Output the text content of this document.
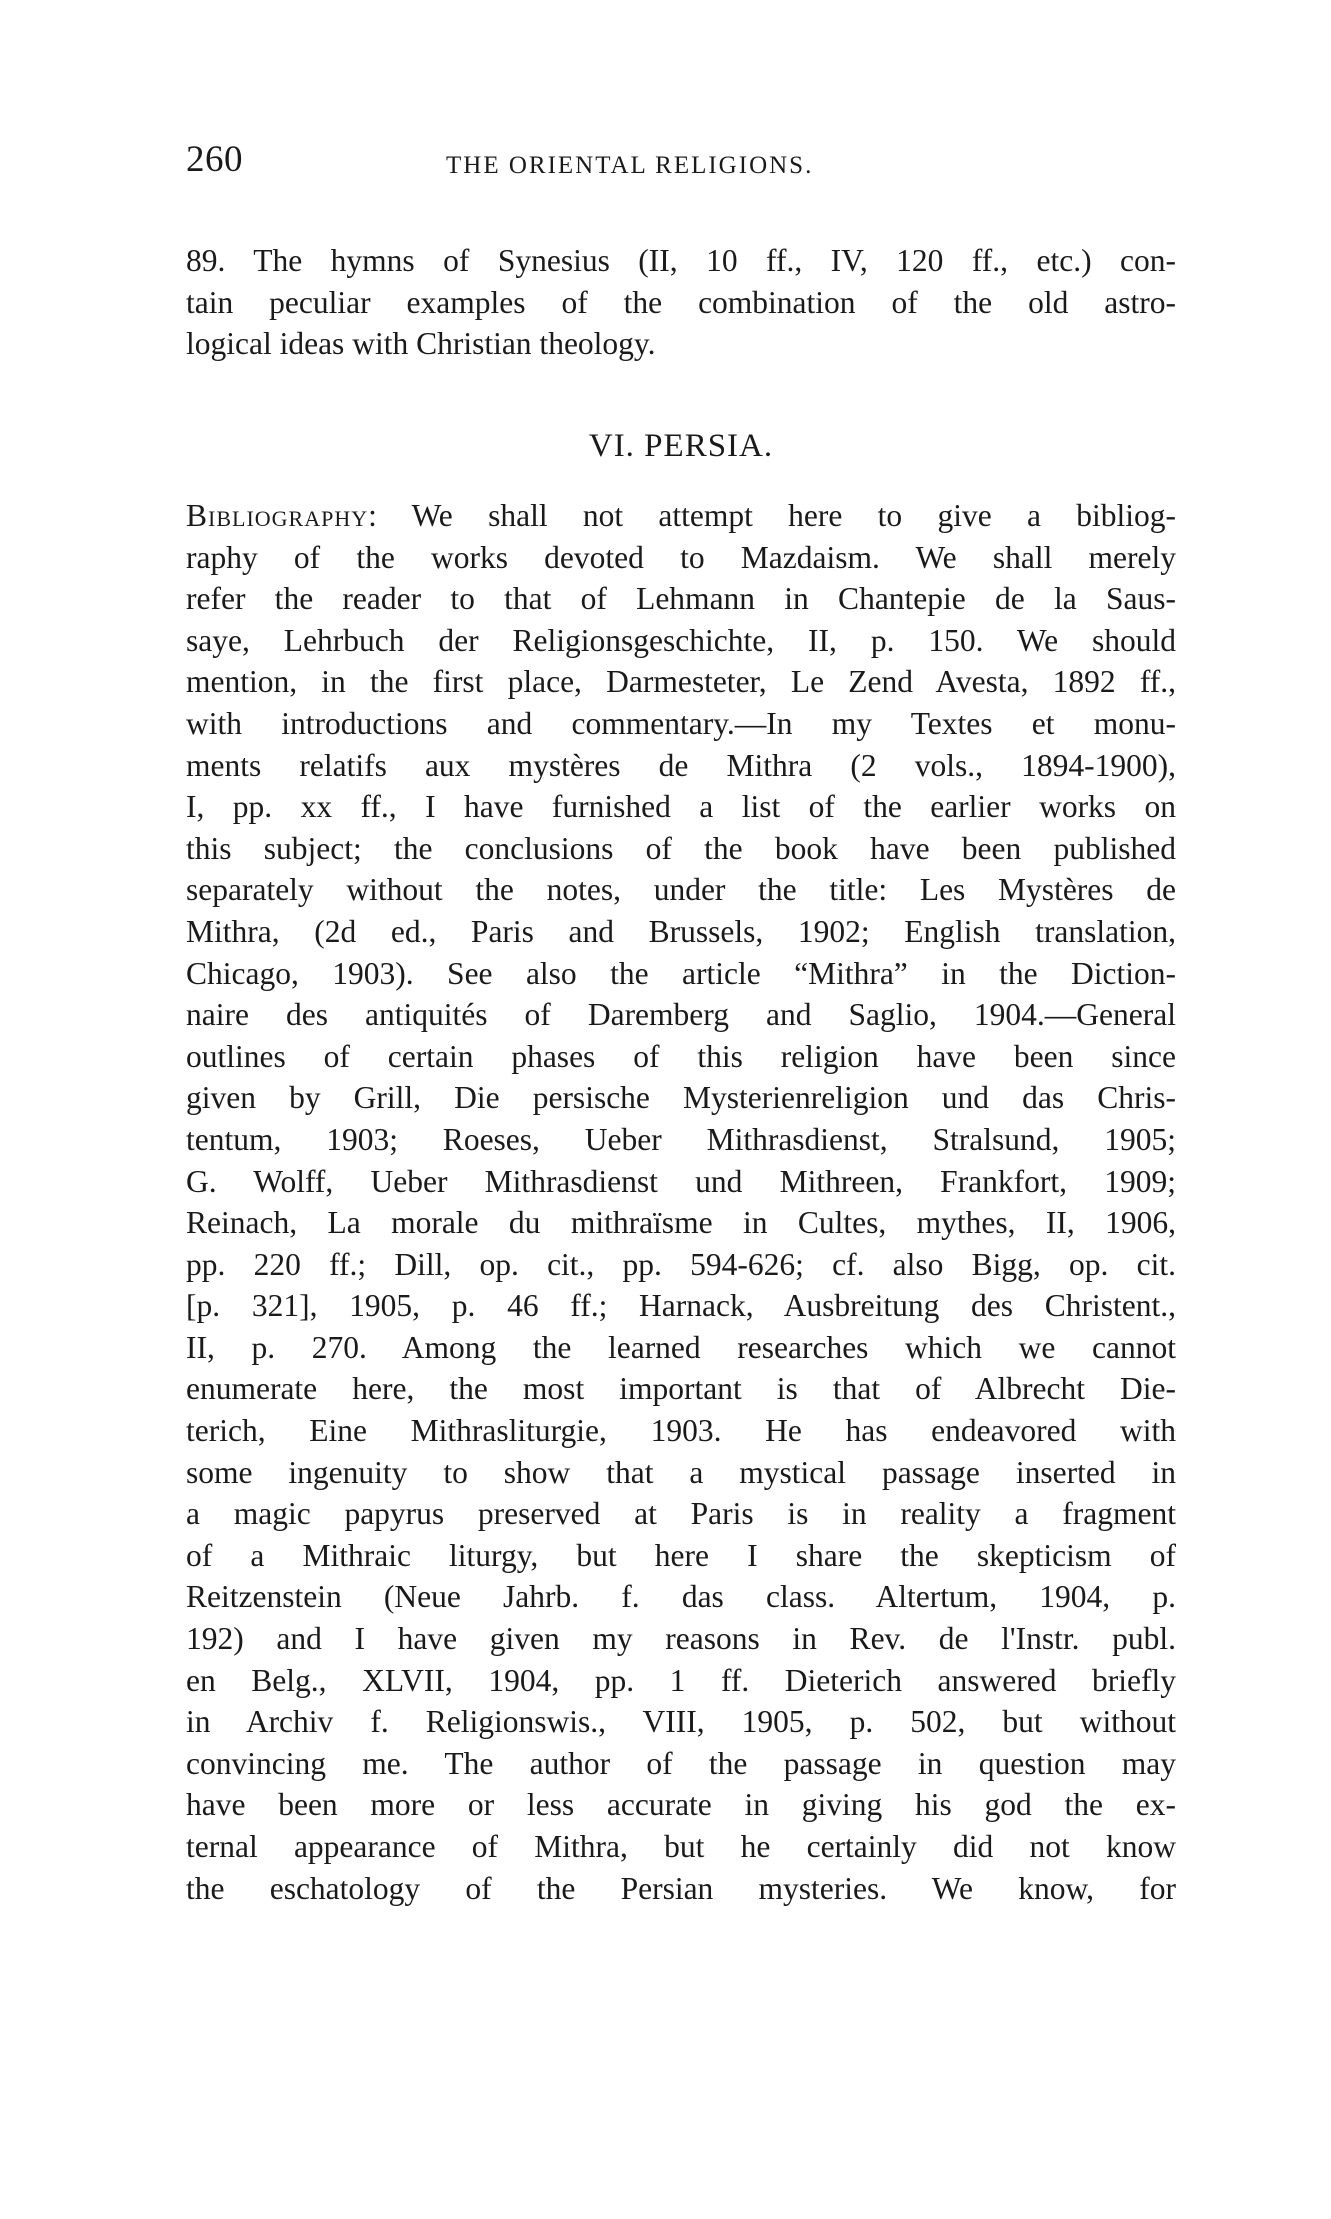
260	THE ORIENTAL RELIGIONS.
89. The hymns of Synesius (II, 10 ff., IV, 120 ff., etc.) con-
tain peculiar examples of the combination of the old astro-
logical ideas with Christian theology.
VI. PERSIA.
Bibliography: We shall not attempt here to give a bibliog-
raphy of the works devoted to Mazdaism. We shall merely
refer the reader to that of Lehmann in Chantepie de la Saus-
saye, Lehrbuch der Religionsgeschichte, II, p. 150. We should
mention, in the first place, Darmesteter, Le Zend Avesta, 1892 ff.,
with introductions and commentary.—In my Textes et monu-
ments relatifs aux mystères de Mithra (2 vols., 1894-1900),
I, pp. xx ff., I have furnished a list of the earlier works on
this subject; the conclusions of the book have been published
separately without the notes, under the title: Les Mystères de
Mithra, (2d ed., Paris and Brussels, 1902; English translation,
Chicago, 1903). See also the article “Mithra” in the Diction-
naire des antiquités of Daremberg and Saglio, 1904.—General
outlines of certain phases of this religion have been since
given by Grill, Die persische Mysterienreligion und das Chris-
tentum, 1903; Roeses, Ueber Mithrasdienst, Stralsund, 1905;
G. Wolff, Ueber Mithrasdienst und Mithreen, Frankfort, 1909;
Reinach, La morale du mithraïsme in Cultes, mythes, II, 1906,
pp. 220 ff.; Dill, op. cit., pp. 594-626; cf. also Bigg, op. cit.
[p. 321], 1905, p. 46 ff.; Harnack, Ausbreitung des Christent.,
II, p. 270. Among the learned researches which we cannot
enumerate here, the most important is that of Albrecht Die-
terich, Eine Mithrasliturgie, 1903. He has endeavored with
some ingenuity to show that a mystical passage inserted in
a magic papyrus preserved at Paris is in reality a fragment
of a Mithraic liturgy, but here I share the skepticism of
Reitzenstein (Neue Jahrb. f. das class. Altertum, 1904, p.
192) and I have given my reasons in Rev. de l'Instr. publ.
en Belg., XLVII, 1904, pp. 1 ff. Dieterich answered briefly
in Archiv f. Religionswis., VIII, 1905, p. 502, but without
convincing me. The author of the passage in question may
have been more or less accurate in giving his god the ex-
ternal appearance of Mithra, but he certainly did not know
the eschatology of the Persian mysteries. We know, for
